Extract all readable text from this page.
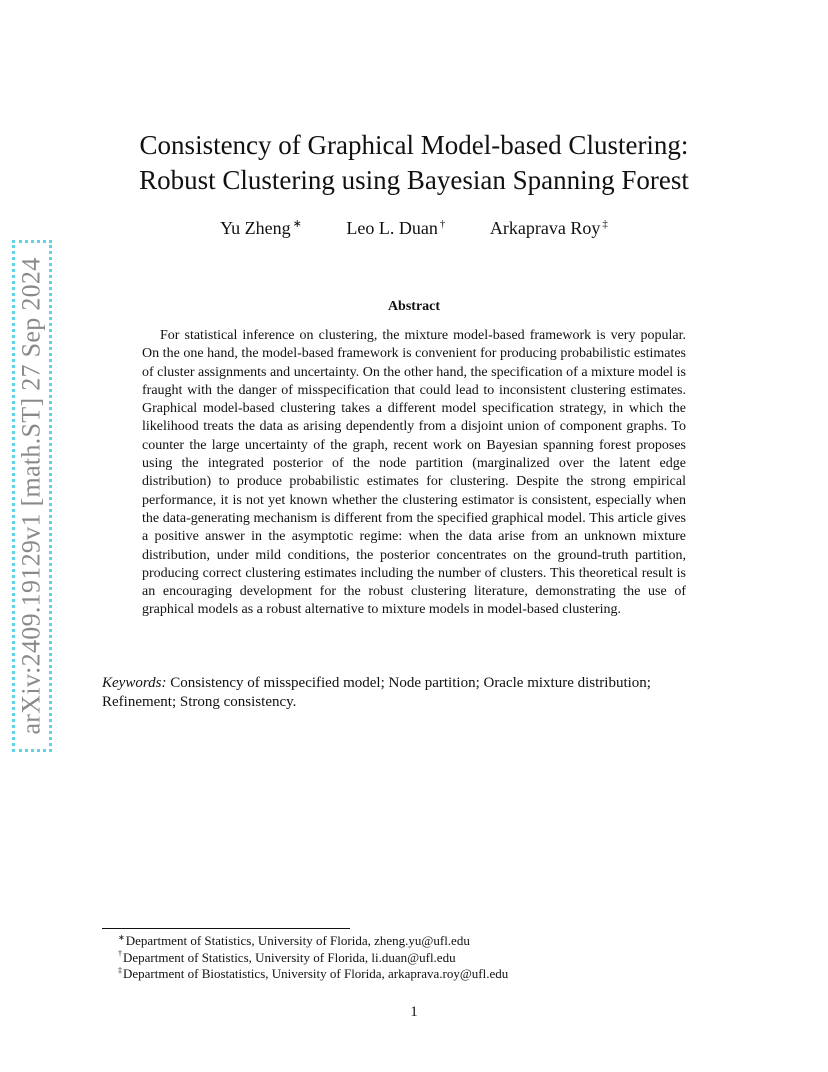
arXiv:2409.19129v1 [math.ST] 27 Sep 2024
Consistency of Graphical Model-based Clustering:
Robust Clustering using Bayesian Spanning Forest
Yu Zheng ∗ Leo L. Duan † Arkaprava Roy ‡
Abstract

For statistical inference on clustering, the mixture model-based framework is very popular. On the one hand, the model-based framework is convenient for producing probabilistic estimates of cluster assignments and uncertainty. On the other hand, the specification of a mixture model is fraught with the danger of misspecification that could lead to inconsistent clustering estimates. Graphical model-based clustering takes a different model specification strategy, in which the likelihood treats the data as arising dependently from a disjoint union of component graphs. To counter the large uncertainty of the graph, recent work on Bayesian spanning forest proposes using the integrated posterior of the node partition (marginalized over the latent edge distribution) to produce probabilistic estimates for clustering. Despite the strong empirical performance, it is not yet known whether the clustering estimator is consistent, especially when the data-generating mechanism is different from the specified graphical model. This article gives a positive answer in the asymptotic regime: when the data arise from an unknown mixture distribution, under mild conditions, the posterior concentrates on the ground-truth partition, producing correct clustering estimates including the number of clusters. This theoretical result is an encouraging development for the robust clustering literature, demonstrating the use of graphical models as a robust alternative to mixture models in model-based clustering.

Keywords: Consistency of misspecified model; Node partition; Oracle mixture distribution; Refinement; Strong consistency.

∗Department of Statistics, University of Florida, zheng.yu@ufl.edu
†Department of Statistics, University of Florida, li.duan@ufl.edu
‡Department of Biostatistics, University of Florida, arkaprava.roy@ufl.edu
1
